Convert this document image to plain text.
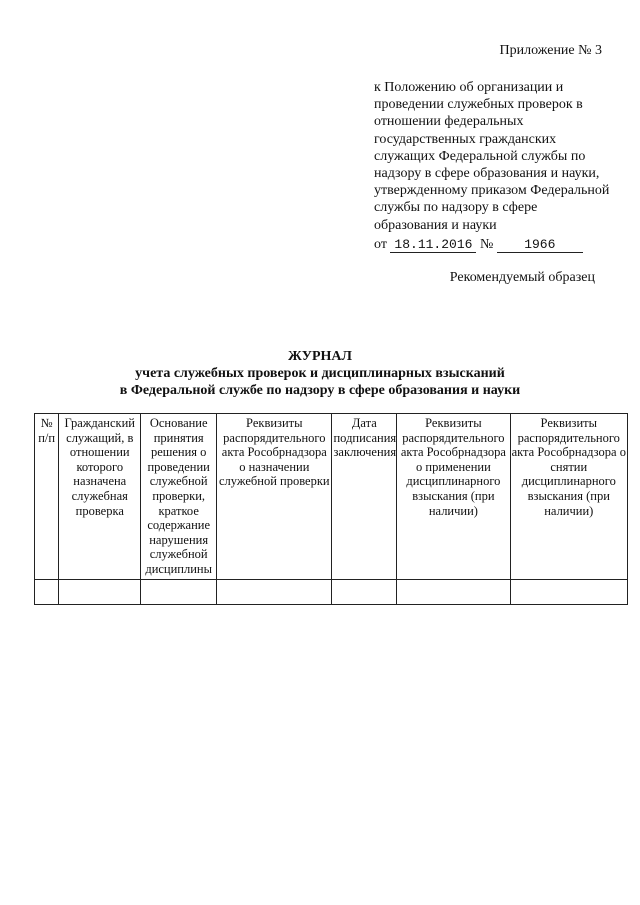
Приложение № 3
к Положению об организации и проведении служебных проверок в отношении федеральных государственных гражданских служащих Федеральной службы по надзору в сфере образования и науки, утвержденному приказом Федеральной службы по надзору в сфере образования и науки
от 18.11.2016 № 1966
Рекомендуемый образец
ЖУРНАЛ
учета служебных проверок и дисциплинарных взысканий
в Федеральной службе по надзору в сфере образования и науки
№ п/п	Гражданский служащий, в отношении которого назначена служебная проверка	Основание принятия решения о проведении служебной проверки, краткое содержание нарушения служебной дисциплины	Реквизиты распорядительного акта Рособрнадзора о назначении служебной проверки	Дата подписания заключения	Реквизиты распорядительного акта Рособрнадзора о применении дисциплинарного взыскания (при наличии)	Реквизиты распорядительного акта Рособрнадзора о снятии дисциплинарного взыскания (при наличии)
